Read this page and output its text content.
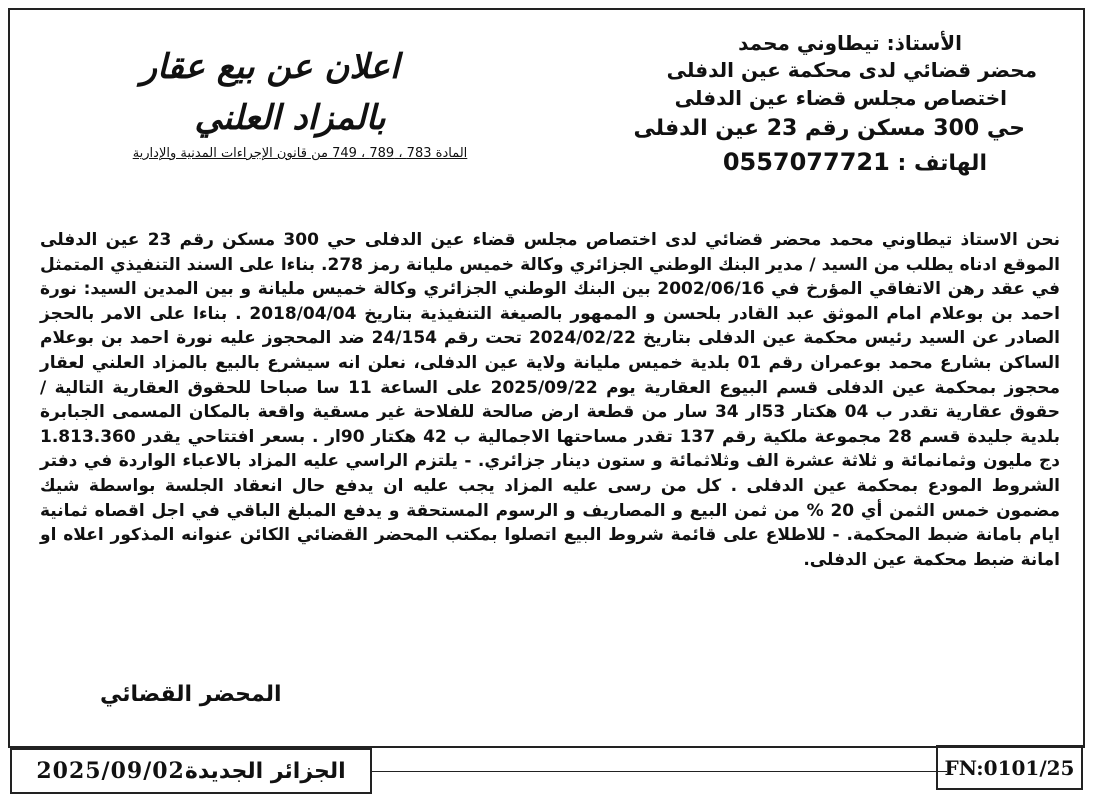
الأستاذ: تيطاوني محمد
محضر قضائي لدى محكمة عين الدفلى
اختصاص مجلس قضاء عين الدفلى
حي 300 مسكن رقم 23 عين الدفلى
الهاتف : 0557077721
اعلان عن بيع عقار
بالمزاد العلني
المادة 783 ، 789 ، 749 من قانون الإجراءات المدنية والإدارية
نحن الاستاذ تيطاوني محمد محضر قضائي لدى اختصاص مجلس قضاء عين الدفلى حي 300 مسكن رقم 23 عين الدفلى الموقع ادناه يطلب من السيد / مدير البنك الوطني الجزائري وكالة خميس مليانة رمز 278. بناءا على السند التنفيذي المتمثل في عقد رهن الاتفاقي المؤرخ في 2002/06/16 بين البنك الوطني الجزائري وكالة خميس مليانة و بين المدين السيد: نورة احمد بن بوعلام امام الموثق عبد القادر بلحسن و الممهور بالصيغة التنفيذية بتاريخ 2018/04/04 . بناءا على الامر بالحجز الصادر عن السيد رئيس محكمة عين الدفلى بتاريخ 2024/02/22 تحت رقم 24/154 ضد المحجوز عليه نورة احمد بن بوعلام الساكن بشارع محمد بوعمران رقم 01 بلدية خميس مليانة ولاية عين الدفلى، نعلن انه سيشرع بالبيع بالمزاد العلني لعقار محجوز بمحكمة عين الدفلى قسم البيوع العقارية يوم 2025/09/22 على الساعة 11 سا صباحا للحقوق العقارية التالية / حقوق عقارية تقدر ب 04 هكتار 53ار 34 سار من قطعة ارض صالحة للفلاحة غير مسقية واقعة بالمكان المسمى الجبابرة بلدية جليدة قسم 28 مجموعة ملكية رقم 137 تقدر مساحتها الاجمالية ب 42 هكتار 90ار . بسعر افتتاحي يقدر 1.813.360 دج مليون وثمانمائة و ثلاثة عشرة الف وثلاثمائة و ستون دينار جزائري. - يلتزم الراسي عليه المزاد بالاعباء الواردة في دفتر الشروط المودع بمحكمة عين الدفلى . كل من رسى عليه المزاد يجب عليه ان يدفع حال انعقاد الجلسة بواسطة شيك مضمون خمس الثمن أي 20 % من ثمن البيع و المصاريف و الرسوم المستحقة و يدفع المبلغ الباقي في اجل اقصاه ثمانية ايام بامانة ضبط المحكمة. - للاطلاع على قائمة شروط البيع اتصلوا بمكتب المحضر القضائي الكائن عنوانه المذكور اعلاه او امانة ضبط محكمة عين الدفلى.
المحضر القضائي
2025/09/02 الجزائر الجديدة	FN:0101/25
